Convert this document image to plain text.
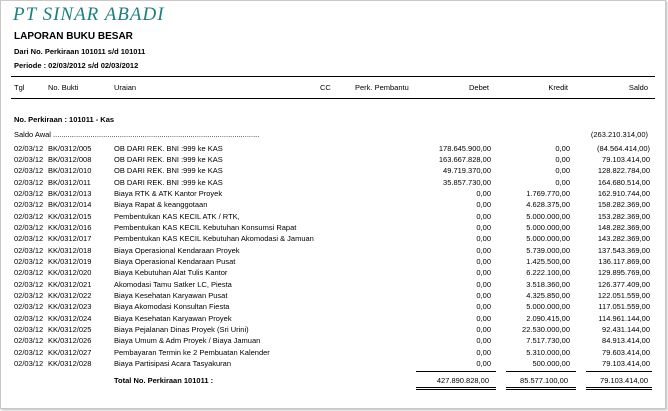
PT SINAR ABADI
LAPORAN BUKU BESAR
Dari No. Perkiraan 101011 s/d 101011
Periode : 02/03/2012 s/d 02/03/2012
Tgl	No. Bukti	Uraian	CC	Perk. Pembantu	Debet	Kredit	Saldo
No. Perkiraan : 101011 - Kas
Saldo Awal ...................................................................................................	(263.210.314,00)
02/03/12 BK/0312/005	OB DARI REK. BNI :999 ke KAS	178.645.900,00	0,00	(84.564.414,00)
02/03/12 BK/0312/008	OB DARI REK. BNI :999 ke KAS	163.667.828,00	0,00	79.103.414,00
02/03/12 BK/0312/010	OB DARI REK. BNI :999 ke KAS	49.719.370,00	0,00	128.822.784,00
02/03/12 BK/0312/011	OB DARI REK. BNI :999 ke KAS	35.857.730,00	0,00	164.680.514,00
02/03/12 BK/0312/013	Biaya RTK & ATK Kantor Proyek	0,00	1.769.770,00	162.910.744,00
02/03/12 BK/0312/014	Biaya Rapat & keanggotaan	0,00	4.628.375,00	158.282.369,00
02/03/12 KK/0312/015	Pembentukan KAS KECIL ATK / RTK,	0,00	5.000.000,00	153.282.369,00
02/03/12 KK/0312/016	Pembentukan KAS KECIL Kebutuhan Konsumsi Rapat	0,00	5.000.000,00	148.282.369,00
02/03/12 KK/0312/017	Pembentukan KAS KECIL Kebutuhan Akomodasi & Jamuan	0,00	5.000.000,00	143.282.369,00
02/03/12 KK/0312/018	Biaya Operasional Kendaraan Proyek	0,00	5.739.000,00	137.543.369,00
02/03/12 KK/0312/019	Biaya Operasional Kendaraan Pusat	0,00	1.425.500,00	136.117.869,00
02/03/12 KK/0312/020	Biaya Kebutuhan Alat Tulis Kantor	0,00	6.222.100,00	129.895.769,00
02/03/12 KK/0312/021	Akomodasi Tamu Satker LC, Piesta	0,00	3.518.360,00	126.377.409,00
02/03/12 KK/0312/022	Biaya Kesehatan Karyawan Pusat	0,00	4.325.850,00	122.051.559,00
02/03/12 KK/0312/023	Biaya Akomodasi Konsultan Fiesta	0,00	5.000.000,00	117.051.559,00
02/03/12 KK/0312/024	Biaya Kesehatan Karyawan Proyek	0,00	2.090.415,00	114.961.144,00
02/03/12 KK/0312/025	Biaya Pejalanan Dinas Proyek (Sri Urini)	0,00	22.530.000,00	92.431.144,00
02/03/12 KK/0312/026	Biaya Umum & Adm Proyek / Biaya Jamuan	0,00	7.517.730,00	84.913.414,00
02/03/12 KK/0312/027	Pembayaran Termin ke 2 Pembuatan Kalender	0,00	5.310.000,00	79.603.414,00
02/03/12 KK/0312/028	Biaya Partisipasi Acara Tasyakuran	0,00	500.000,00	79.103.414,00
Total No. Perkiraan 101011 :	427.890.828,00	85.577.100,00	79.103.414,00
